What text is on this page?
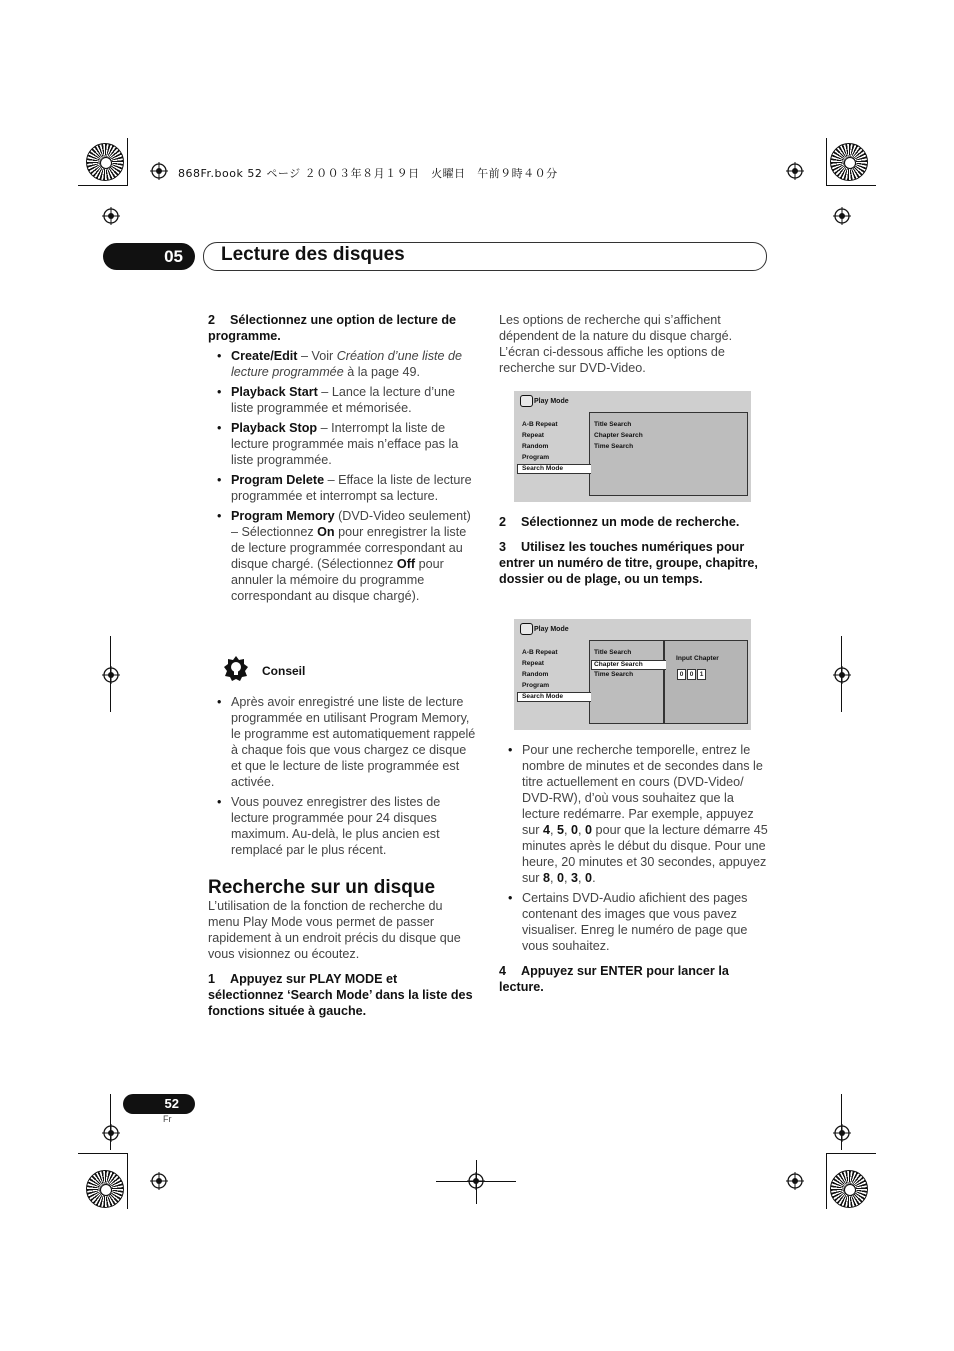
868Fr.book 52 ページ ２００３年８月１９日　火曜日　午前９時４０分
05	Lecture des disques
2 Sélectionnez une option de lecture de programme.
• Create/Edit – Voir Création d’une liste de lecture programmée à la page 49.
• Playback Start – Lance la lecture d’une liste programmée et mémorisée.
• Playback Stop – Interrompt la liste de lecture programmée mais n’efface pas la liste programmée.
• Program Delete – Efface la liste de lecture programmée et interrompt sa lecture.
• Program Memory (DVD-Video seulement) – Sélectionnez On pour enregistrer la liste de lecture programmée correspondant au disque chargé. (Sélectionnez Off pour annuler la mémoire du programme correspondant au disque chargé).
Conseil
• Après avoir enregistré une liste de lecture programmée en utilisant Program Memory, le programme est automatiquement rappelé à chaque fois que vous chargez ce disque et que le lecture de liste programmée est activée.
• Vous pouvez enregistrer des listes de lecture programmée pour 24 disques maximum. Au-delà, le plus ancien est remplacé par le plus récent.
Recherche sur un disque

L’utilisation de la fonction de recherche du menu Play Mode vous permet de passer rapidement à un endroit précis du disque que vous visionnez ou écoutez.

1 Appuyez sur PLAY MODE et sélectionnez ‘Search Mode’ dans la liste des fonctions située à gauche.
Les options de recherche qui s’affichent dépendent de la nature du disque chargé. L’écran ci-dessous affiche les options de recherche sur DVD-Video.
Play Mode
A-B Repeat
Repeat
Random
Program
Search Mode
Title Search
Chapter Search
Time Search
2 Sélectionnez un mode de recherche.
3 Utilisez les touches numériques pour entrer un numéro de titre, groupe, chapitre, dossier ou de plage, ou un temps.
Play Mode
A-B Repeat
Repeat
Random
Program
Search Mode
Title Search
Chapter Search
Time Search
Input Chapter
0 0 1
• Pour une recherche temporelle, entrez le nombre de minutes et de secondes dans le titre actuellement en cours (DVD-Video/ DVD-RW), d’où vous souhaitez que la lecture redémarre. Par exemple, appuyez sur 4, 5, 0, 0 pour que la lecture démarre 45 minutes après le début du disque. Pour une heure, 20 minutes et 30 secondes, appuyez sur 8, 0, 3, 0.
• Certains DVD-Audio afichient des pages contenant des images que vous pavez visualiser. Enreg le numéro de page que vous souhaitez.
4 Appuyez sur ENTER pour lancer la lecture.
52
Fr
